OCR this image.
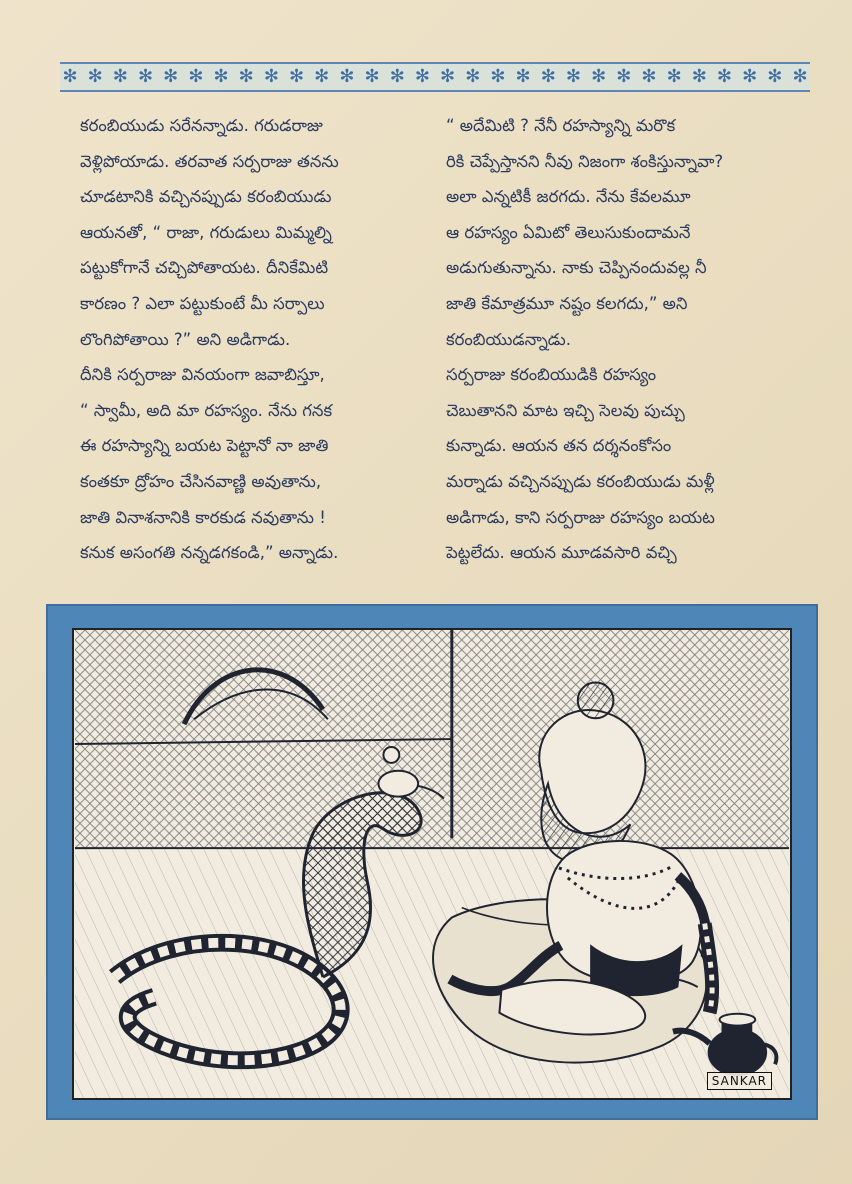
✻ ✻ ✻ ✻ ✻ ✻ ✻ ✻ ✻ ✻ ✻ ✻ ✻ ✻ ✻ ✻ ✻ ✻ ✻ ✻ ✻ ✻ ✻ ✻ ✻ ✻ ✻ ✻ ✻ ✻

కరంబియుడు సరేనన్నాడు. గరుడరాజు
వెళ్లిపోయాడు. తరవాత సర్పరాజు తనను
చూడటానికి వచ్చినప్పుడు కరంబియుడు
ఆయనతో, “ రాజా, గరుడులు మిమ్మల్ని
పట్టుకోగానే చచ్చిపోతాయట. దీనికేమిటి
కారణం ? ఎలా పట్టుకుంటే మీ సర్పాలు
లొంగిపోతాయి ?” అని అడిగాడు.

దీనికి సర్పరాజు వినయంగా జవాబిస్తూ,
“ స్వామీ, అది మా రహస్యం. నేను గనక
ఈ రహస్యాన్ని బయట పెట్టానో నా జాతి
కంతకూ ద్రోహం చేసినవాణ్ణి అవుతాను,
జాతి వినాశనానికి కారకుడ నవుతాను !
కనుక అసంగతి నన్నడగకండి,” అన్నాడు.

“ అదేమిటి ? నేనీ రహస్యాన్ని మరొక
రికి చెప్పేస్తానని నీవు నిజంగా శంకిస్తున్నావా?
అలా ఎన్నటికీ జరగదు. నేను కేవలమూ
ఆ రహస్యం ఏమిటో తెలుసుకుందామనే
అడుగుతున్నాను. నాకు చెప్పినందువల్ల నీ
జాతి కేమాత్రమూ నష్టం కలగదు,” అని
కరంబియుడన్నాడు.

సర్పరాజు కరంబియుడికి రహస్యం
చెబుతానని మాట ఇచ్చి సెలవు పుచ్చు
కున్నాడు. ఆయన తన దర్శనంకోసం
మర్నాడు వచ్చినప్పుడు కరంబియుడు మళ్లీ
అడిగాడు, కాని సర్పరాజు రహస్యం బయట
పెట్టలేదు. ఆయన మూడవసారి వచ్చి

SANKAR
